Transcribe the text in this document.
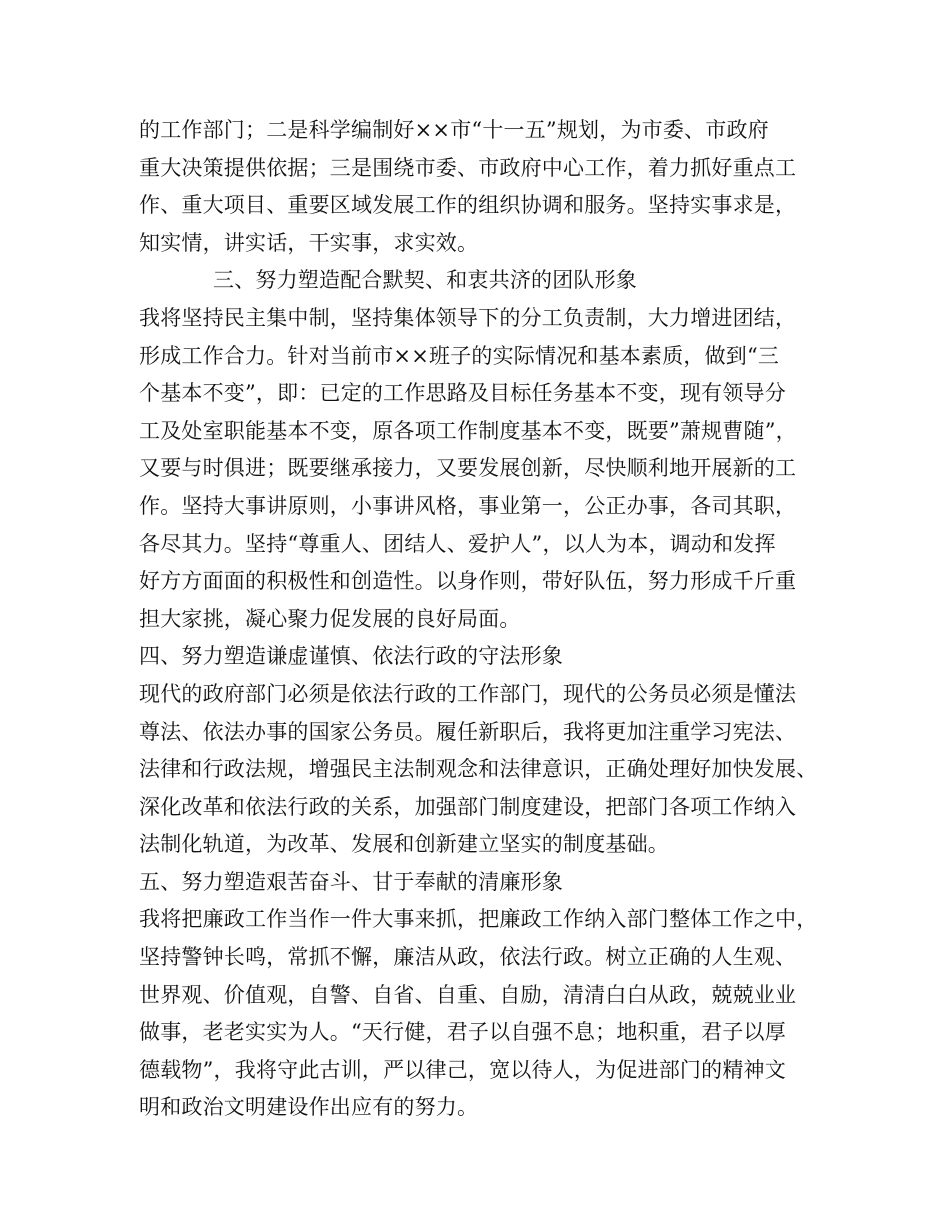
的工作部门；二是科学编制好××市“十一五”规划，为市委、市政府
重大决策提供依据；三是围绕市委、市政府中心工作，着力抓好重点工
作、重大项目、重要区域发展工作的组织协调和服务。坚持实事求是，
知实情，讲实话，干实事，求实效。
三、努力塑造配合默契、和衷共济的团队形象
我将坚持民主集中制，坚持集体领导下的分工负责制，大力增进团结，
形成工作合力。针对当前市××班子的实际情况和基本素质，做到“三
个基本不变”，即：已定的工作思路及目标任务基本不变，现有领导分
工及处室职能基本不变，原各项工作制度基本不变，既要”萧规曹随”，
又要与时俱进；既要继承接力，又要发展创新，尽快顺利地开展新的工
作。坚持大事讲原则，小事讲风格，事业第一，公正办事，各司其职，
各尽其力。坚持“尊重人、团结人、爱护人”，以人为本，调动和发挥
好方方面面的积极性和创造性。以身作则，带好队伍，努力形成千斤重
担大家挑，凝心聚力促发展的良好局面。
四、努力塑造谦虚谨慎、依法行政的守法形象
现代的政府部门必须是依法行政的工作部门，现代的公务员必须是懂法
尊法、依法办事的国家公务员。履任新职后，我将更加注重学习宪法、
法律和行政法规，增强民主法制观念和法律意识，正确处理好加快发展、
深化改革和依法行政的关系，加强部门制度建设，把部门各项工作纳入
法制化轨道，为改革、发展和创新建立坚实的制度基础。
五、努力塑造艰苦奋斗、甘于奉献的清廉形象
我将把廉政工作当作一件大事来抓，把廉政工作纳入部门整体工作之中，
坚持警钟长鸣，常抓不懈，廉洁从政，依法行政。树立正确的人生观、
世界观、价值观，自警、自省、自重、自励，清清白白从政，兢兢业业
做事，老老实实为人。“天行健，君子以自强不息；地积重，君子以厚
德载物”，我将守此古训，严以律己，宽以待人，为促进部门的精神文
明和政治文明建设作出应有的努力。
